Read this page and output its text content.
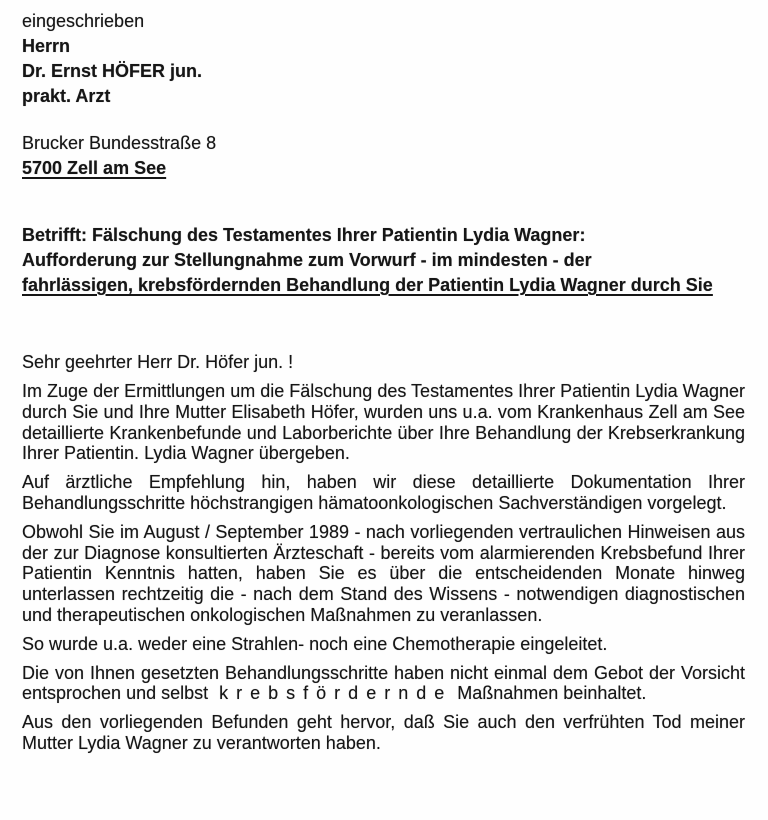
eingeschrieben
Herrn
Dr. Ernst HÖFER jun.
prakt. Arzt
Brucker Bundesstraße 8
5700 Zell am See
Betrifft: Fälschung des Testamentes Ihrer Patientin Lydia Wagner:
Aufforderung zur Stellungnahme zum Vorwurf - im mindesten - der
fahrlässigen, krebsfördernden Behandlung der Patientin Lydia Wagner durch Sie
Sehr geehrter Herr Dr. Höfer jun. !

Im Zuge der Ermittlungen um die Fälschung des Testamentes Ihrer Patientin Lydia Wagner durch Sie und Ihre Mutter Elisabeth Höfer, wurden uns u.a. vom Krankenhaus Zell am See detaillierte Krankenbefunde und Laborberichte über Ihre Behandlung der Krebserkrankung Ihrer Patientin. Lydia Wagner übergeben.

Auf ärztliche Empfehlung hin, haben wir diese detaillierte Dokumentation Ihrer Behandlungsschritte höchstrangigen hämatoonkologischen Sachverständigen vorgelegt.

Obwohl Sie im August / September 1989 - nach vorliegenden vertraulichen Hinweisen aus der zur Diagnose konsultierten Ärzteschaft - bereits vom alarmierenden Krebsbefund Ihrer Patientin Kenntnis hatten, haben Sie es über die entscheidenden Monate hinweg unterlassen rechtzeitig die - nach dem Stand des Wissens - notwendigen diagnostischen und therapeutischen onkologischen Maßnahmen zu veranlassen.

So wurde u.a. weder eine Strahlen- noch eine Chemotherapie eingeleitet.

Die von Ihnen gesetzten Behandlungsschritte haben nicht einmal dem Gebot der Vorsicht entsprochen und selbst krebsfördernde Maßnahmen beinhaltet.

Aus den vorliegenden Befunden geht hervor, daß Sie auch den verfrühten Tod meiner Mutter Lydia Wagner zu verantworten haben.
